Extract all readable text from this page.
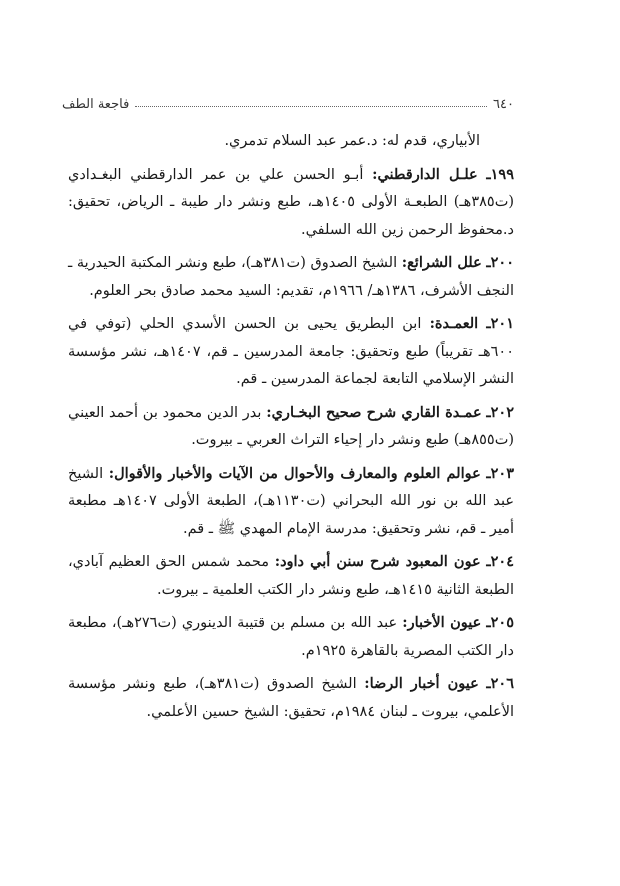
٦٤٠
فاجعة الطف

الأبياري، قدم له: د.عمر عبد السلام تدمري.

١٩٩ـ علـل الدارقطني: أبـو الحسن علي بن عمر الدارقطني البغـدادي (ت٣٨٥هـ) الطبعـة الأولى ١٤٠٥هـ، طبع ونشر دار طيبة ـ الرياض، تحقيق: د.محفوظ الرحمن زين الله السلفي.

٢٠٠ـ علل الشرائع: الشيخ الصدوق (ت٣٨١هـ)، طبع ونشر المكتبة الحيدرية ـ النجف الأشرف، ١٣٨٦هـ/ ١٩٦٦م، تقديم: السيد محمد صادق بحر العلوم.

٢٠١ـ العمـدة: ابن البطريق يحيى بن الحسن الأسدي الحلي (توفي في ٦٠٠هـ تقريباً) طبع وتحقيق: جامعة المدرسين ـ قم، ١٤٠٧هـ، نشر مؤسسة النشر الإسلامي التابعة لجماعة المدرسين ـ قم.

٢٠٢ـ عمـدة القاري شرح صحيح البخـاري: بدر الدين محمود بن أحمد العيني (ت٨٥٥هـ) طبع ونشر دار إحياء التراث العربي ـ بيروت.

٢٠٣ـ عوالم العلوم والمعارف والأحوال من الآيات والأخبار والأقوال: الشيخ عبد الله بن نور الله البحراني (ت١١٣٠هـ)، الطبعة الأولى ١٤٠٧هـ مطبعة أمير ـ قم، نشر وتحقيق: مدرسة الإمام المهدي ﷺ ـ قم.

٢٠٤ـ عون المعبود شرح سنن أبي داود: محمد شمس الحق العظيم آبادي، الطبعة الثانية ١٤١٥هـ، طبع ونشر دار الكتب العلمية ـ بيروت.

٢٠٥ـ عيون الأخبار: عبد الله بن مسلم بن قتيبة الدينوري (ت٢٧٦هـ)، مطبعة دار الكتب المصرية بالقاهرة ١٩٢٥م.

٢٠٦ـ عيون أخبار الرضا: الشيخ الصدوق (ت٣٨١هـ)، طبع ونشر مؤسسة الأعلمي، بيروت ـ لبنان ١٩٨٤م، تحقيق: الشيخ حسين الأعلمي.
